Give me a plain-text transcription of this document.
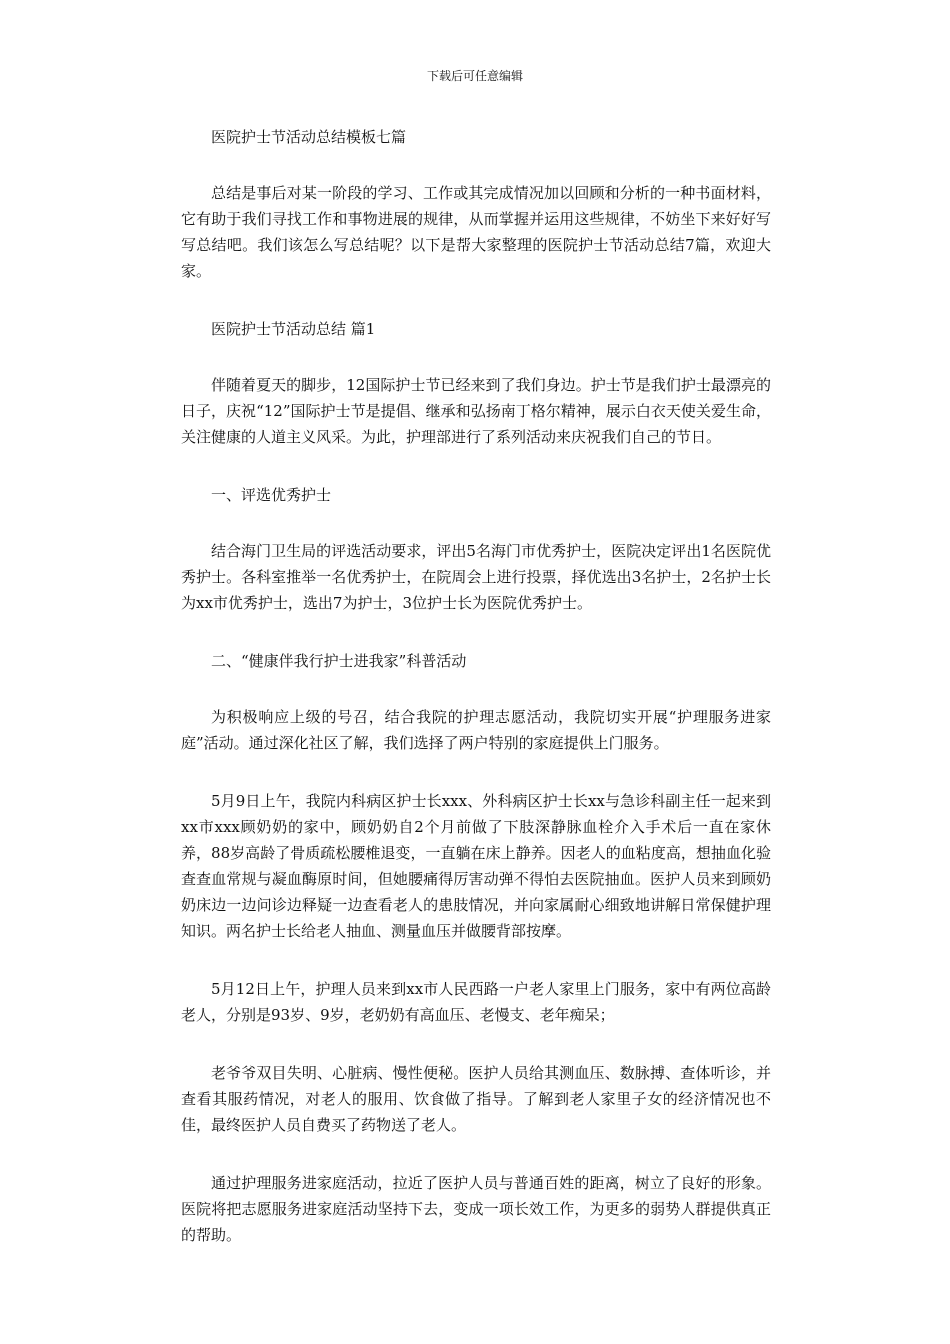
下载后可任意编辑

医院护士节活动总结模板七篇

总结是事后对某一阶段的学习、工作或其完成情况加以回顾和分析的一种书面材料，它有助于我们寻找工作和事物进展的规律，从而掌握并运用这些规律，不妨坐下来好好写写总结吧。我们该怎么写总结呢？以下是帮大家整理的医院护士节活动总结7篇，欢迎大家。

医院护士节活动总结 篇1

伴随着夏天的脚步，12国际护士节已经来到了我们身边。护士节是我们护士最漂亮的日子，庆祝“12”国际护士节是提倡、继承和弘扬南丁格尔精神，展示白衣天使关爱生命，关注健康的人道主义风采。为此，护理部进行了系列活动来庆祝我们自己的节日。

一、评选优秀护士

结合海门卫生局的评选活动要求，评出5名海门市优秀护士，医院决定评出1名医院优秀护士。各科室推举一名优秀护士，在院周会上进行投票，择优选出3名护士，2名护士长为xx市优秀护士，选出7为护士，3位护士长为医院优秀护士。

二、“健康伴我行护士进我家”科普活动

为积极响应上级的号召，结合我院的护理志愿活动，我院切实开展“护理服务进家庭”活动。通过深化社区了解，我们选择了两户特别的家庭提供上门服务。

5月9日上午，我院内科病区护士长xxx、外科病区护士长xx与急诊科副主任一起来到xx市xxx顾奶奶的家中，顾奶奶自2个月前做了下肢深静脉血栓介入手术后一直在家休养，88岁高龄了骨质疏松腰椎退变，一直躺在床上静养。因老人的血粘度高，想抽血化验查查血常规与凝血酶原时间，但她腰痛得厉害动弹不得怕去医院抽血。医护人员来到顾奶奶床边一边问诊边释疑一边查看老人的患肢情况，并向家属耐心细致地讲解日常保健护理知识。两名护士长给老人抽血、测量血压并做腰背部按摩。

5月12日上午，护理人员来到xx市人民西路一户老人家里上门服务，家中有两位高龄老人，分别是93岁、9岁，老奶奶有高血压、老慢支、老年痴呆；

老爷爷双目失明、心脏病、慢性便秘。医护人员给其测血压、数脉搏、查体听诊，并查看其服药情况，对老人的服用、饮食做了指导。了解到老人家里子女的经济情况也不佳，最终医护人员自费买了药物送了老人。

通过护理服务进家庭活动，拉近了医护人员与普通百姓的距离，树立了良好的形象。医院将把志愿服务进家庭活动坚持下去，变成一项长效工作，为更多的弱势人群提供真正的帮助。
